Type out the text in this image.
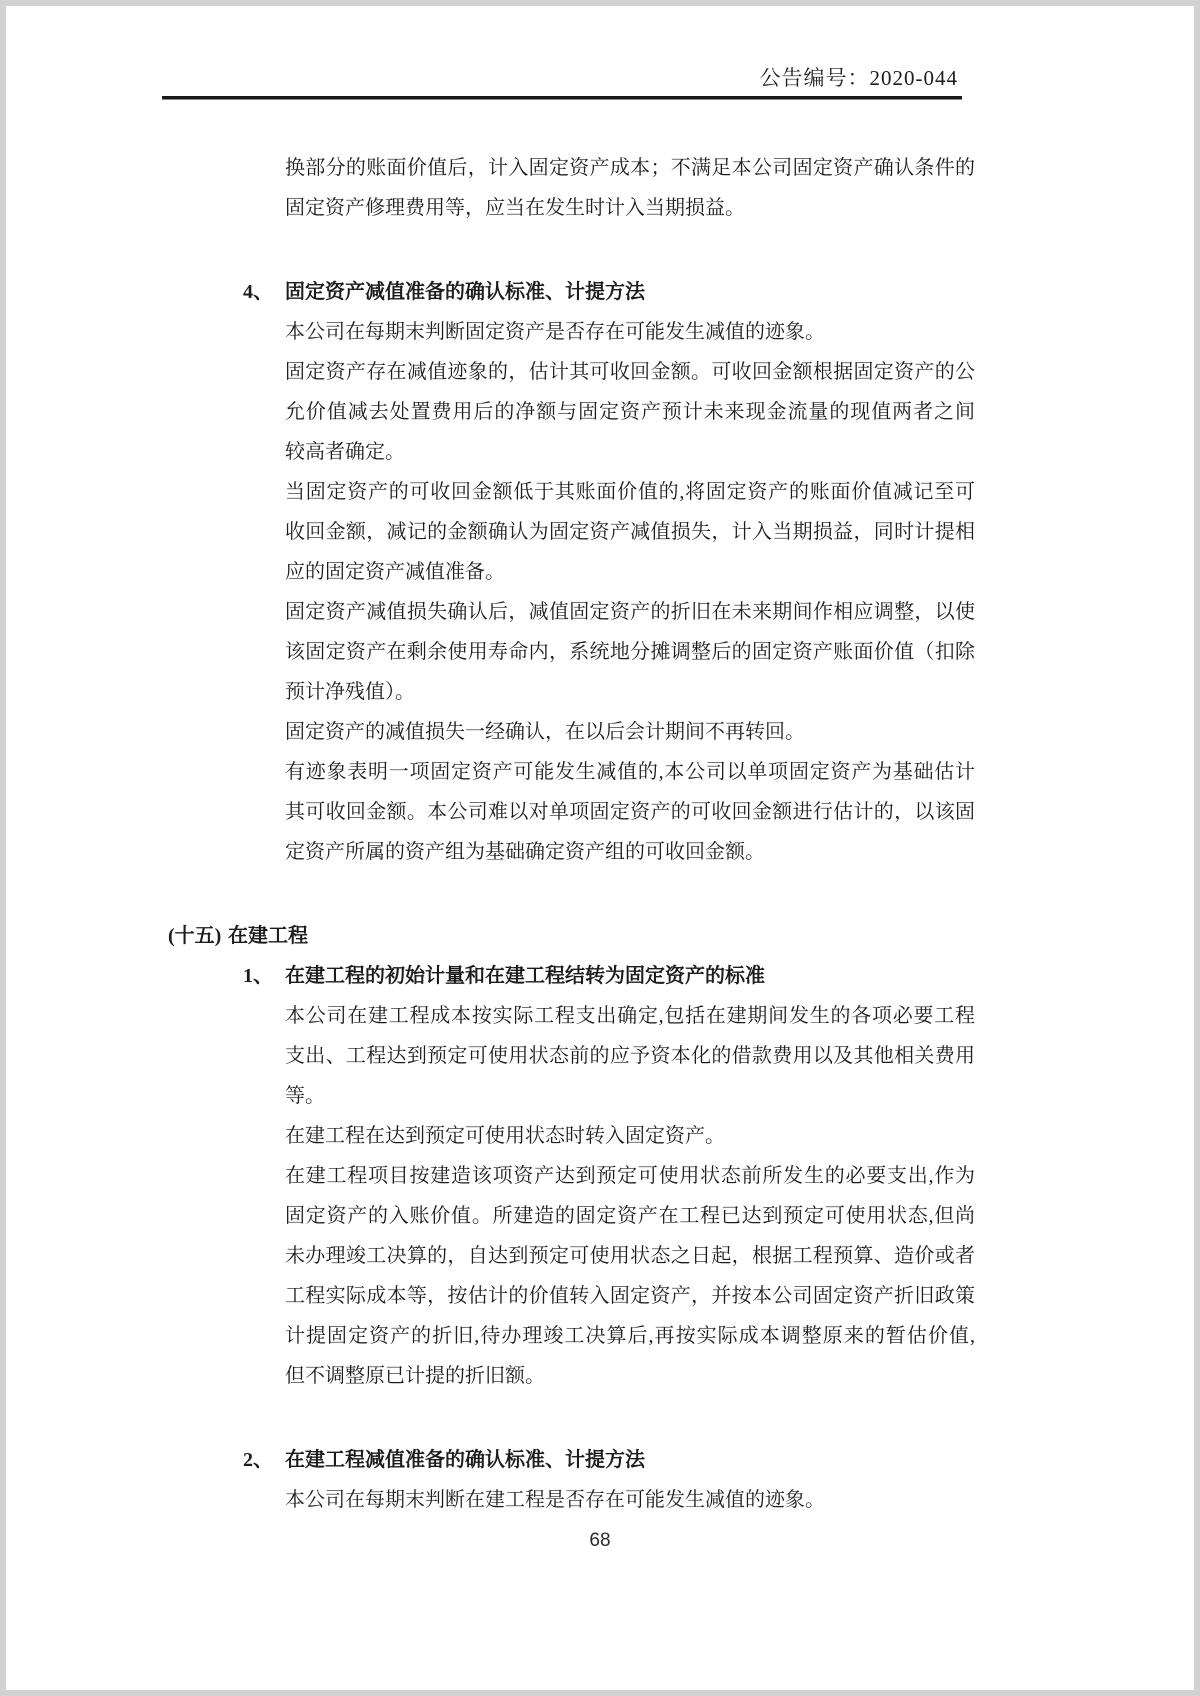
公告编号：2020-044
换部分的账面价值后，计入固定资产成本；不满足本公司固定资产确认条件的
固定资产修理费用等，应当在发生时计入当期损益。
4、 固定资产减值准备的确认标准、计提方法
本公司在每期末判断固定资产是否存在可能发生减值的迹象。
固定资产存在减值迹象的，估计其可收回金额。可收回金额根据固定资产的公
允价值减去处置费用后的净额与固定资产预计未来现金流量的现值两者之间
较高者确定。
当固定资产的可收回金额低于其账面价值的,将固定资产的账面价值减记至可
收回金额，减记的金额确认为固定资产减值损失，计入当期损益，同时计提相
应的固定资产减值准备。
固定资产减值损失确认后，减值固定资产的折旧在未来期间作相应调整，以使
该固定资产在剩余使用寿命内，系统地分摊调整后的固定资产账面价值（扣除
预计净残值）。
固定资产的减值损失一经确认，在以后会计期间不再转回。
有迹象表明一项固定资产可能发生减值的,本公司以单项固定资产为基础估计
其可收回金额。本公司难以对单项固定资产的可收回金额进行估计的，以该固
定资产所属的资产组为基础确定资产组的可收回金额。
(十五) 在建工程
1、 在建工程的初始计量和在建工程结转为固定资产的标准
本公司在建工程成本按实际工程支出确定,包括在建期间发生的各项必要工程
支出、工程达到预定可使用状态前的应予资本化的借款费用以及其他相关费用
等。
在建工程在达到预定可使用状态时转入固定资产。
在建工程项目按建造该项资产达到预定可使用状态前所发生的必要支出,作为
固定资产的入账价值。所建造的固定资产在工程已达到预定可使用状态,但尚
未办理竣工决算的，自达到预定可使用状态之日起，根据工程预算、造价或者
工程实际成本等，按估计的价值转入固定资产，并按本公司固定资产折旧政策
计提固定资产的折旧,待办理竣工决算后,再按实际成本调整原来的暂估价值,
但不调整原已计提的折旧额。
2、 在建工程减值准备的确认标准、计提方法
本公司在每期末判断在建工程是否存在可能发生减值的迹象。
68
